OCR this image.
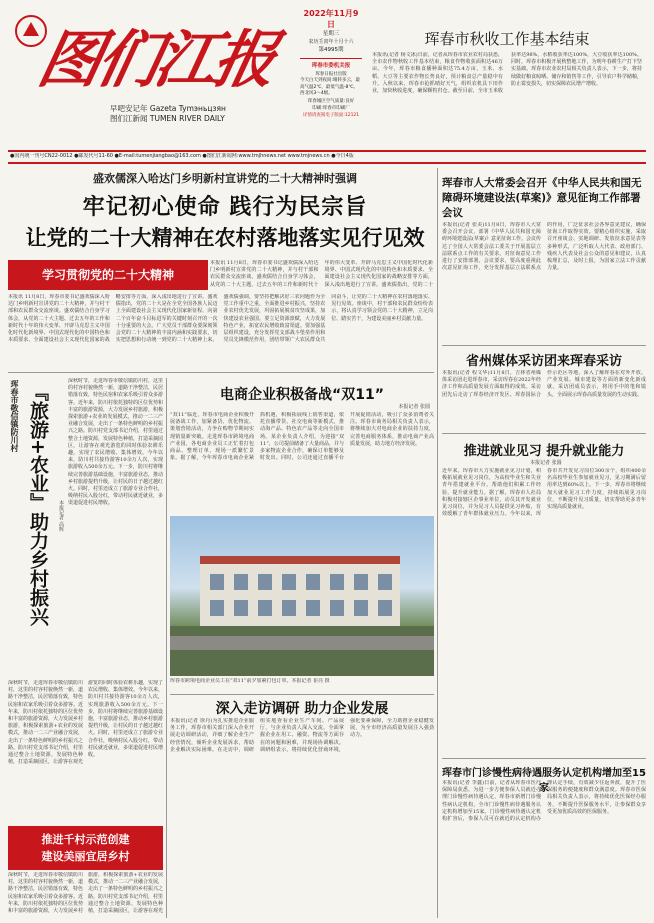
图们江报
早吧安记年 Gazeta Tymэньцзян
图们江新闻 TUMEN RIVER DAILY
2022年11月9日
星期三
农历壬寅年十月十六
第4995期
珲春市委机关报
珲春日报社出版
今天白天到夜间:晴转多云，最高气温2℃，最低气温-8℃。西北风3～4级。
珲春城区空气质量:良好
印刷:珲春市印刷厂
详情请查阅电子版面:12121
珲春市秋收工作基本结束
本报讯(记者 杨文冰)日前，记者从珲春市农业农村局获悉，全市农作物秋收工作基本结束，粮食作物收获面积达46万亩。今年，珲春市粮食播种面积达75.4万亩，玉米、水稻、大豆等主要农作物长势良好，预计粮食总产量稳中有升。入秋以来，珲春市抢抓晴好天气，组织农机具下田作业，加快秋收进度，确保颗粒归仓。截至目前，全市玉米收获率达98%，水稻收获率达100%，大豆收获率达100%。同时，珲春市积极开展秋整地工作，为明年春耕生产打下坚实基础。珲春市农业农村局相关负责人表示，下一步，将持续做好粮食晾晒、储存和销售等工作，引导农户科学储粮，防止霉变损失，切实保障农民增产增收。
●国内统一刊号CN22-0012 ●邮发代号11-60 ●E-mail:tumenjiangbao@163.com ●图们江新闻网:www.tmjhnews.net www.tmjnews.cn ●今日4版
盛欢儒深入哈达门乡明新村宣讲党的二十大精神时强调
牢记初心使命 践行为民宗旨
让党的二十大精神在农村落地落实见行见效
学习贯彻党的二十大精神
本报讯 11月8日，珲春市委书记盛欢儒深入哈达门乡明新村宣讲党的二十大精神，并与村干部和农民群众交流座谈。盛欢儒结合自身学习体会，从党的二十大主题、过去五年的工作和新时代十年的伟大变革、开辟马克思主义中国化时代化新境界、中国式现代化的中国特色和本质要求、全面建设社会主义现代化国家的战略安排等方面，深入浅出地进行了宣讲。盛欢儒指出，党的二十大是在全党全国各族人民迈上全面建设社会主义现代化国家新征程、向第二个百年奋斗目标进军的关键时刻召开的一次十分重要的大会。广大党员干部群众要深刻领会党的二十大精神的丰富内涵和实践要求，切实把思想和行动统一到党的二十大精神上来。盛欢儒强调，要坚持把解决好三农问题作为全党工作重中之重，全面推进乡村振兴，坚持农业农村优先发展，巩固拓展脱贫攻坚成果，加快建设农业强国。要立足资源禀赋，大力发展特色产业，拓宽农民增收致富渠道。要加强基层组织建设，充分发挥党支部战斗堡垒作用和党员先锋模范作用，团结带领广大农民群众共同奋斗，让党的二十大精神在农村落地落实、见行见效。座谈中，村干部和农民群众纷纷表示，将认真学习领会党的二十大精神，立足岗位、踏实苦干，为建设美丽乡村贡献力量。
本报讯 11月8日，珲春市委书记盛欢儒深入哈达门乡明新村宣讲党的二十大精神，并与村干部和农民群众交流座谈。盛欢儒结合自身学习体会，从党的二十大主题、过去五年的工作和新时代十年的伟大变革、开辟马克思主义中国化时代化新境界、中国式现代化的中国特色和本质要求、全面建设社会主义现代化国家的战略安排等方面，深入浅出地进行了宣讲。盛欢儒指出，党的二十
珲春市敬信镇防川村 『旅游+农业』助力乡村振兴	本报记者 高辉
深秋时节，走进珲春市敬信镇防川村，这里的村容村貌焕然一新，道路干净整洁，民居错落有致，特色民宿和农家乐吸引着众多游客。近年来，防川村依托独特的区位优势和丰富的旅游资源，大力发展乡村旅游，积极探索旅游+农业的发展模式，推动一二三产业融合发展，走出了一条特色鲜明的乡村振兴之路。防川村党支部书记介绍，村里通过整合土地资源，发展特色种植，打造采摘园区，让游客在观光游览的同时体验农耕乐趣，实现了农民增收、集体增效。今年以来，防川村共接待游客10余万人次，实现旅游收入500余万元。下一步，防川村将继续完善旅游基础设施，丰富旅游业态，推动乡村旅游提档升级，让村民的日子越过越红火。同时，村里还成立了旅游专业合作社，吸纳村民入股分红，带动村民就近就业，多渠道促进村民增收。
深秋时节，走进珲春市敬信镇防川村，这里的村容村貌焕然一新，道路干净整洁，民居错落有致，特色民宿和农家乐吸引着众多游客。近年来，防川村依托独特的区位优势和丰富的旅游资源，大力发展乡村旅游，积极探索旅游+农业的发展模式，推动一二三产业融合发展，走出了一条特色鲜明的乡村振兴之路。防川村党支部书记介绍，村里通过整合土地资源，发展特色种植，打造采摘园区，让游客在观光游览的同时体验农耕乐趣，实现了农民增收、集体增效。今年以来，防川村共接待游客10余万人次，实现旅游收入500余万元。下一步，防川村将继续完善旅游基础设施，丰富旅游业态，推动乡村旅游提档升级，让村民的日子越过越红火。同时，村里还成立了旅游专业合作社，吸纳村民入股分红，带动村民就近就业，多渠道促进村民增收。
推进千村示范创建
建设美丽宜居乡村
深秋时节，走进珲春市敬信镇防川村，这里的村容村貌焕然一新，道路干净整洁，民居错落有致，特色民宿和农家乐吸引着众多游客。近年来，防川村依托独特的区位优势和丰富的旅游资源，大力发展乡村旅游，积极探索旅游+农业的发展模式，推动一二三产业融合发展，走出了一条特色鲜明的乡村振兴之路。防川村党支部书记介绍，村里通过整合土地资源，发展特色种植，打造采摘园区，让游客在观光
电商企业积极备战“双11”
本报记者 张圆
“双11”临近，珲春市电商企业积极开展备战工作，加紧备货、优化物流、策划营销活动，力争在购物节期间实现销量新突破。走进珲春市跨境电商产业园，各电商企业员工正忙着打包商品、整理订单，现场一派繁忙景象。据了解，今年珲春市电商企业紧抓机遇，积极拓展线上销售渠道，依托直播带货、社交电商等新模式，推动海产品、特色农产品等走向全国市场。某企业负责人介绍，为迎接“双11”，公司提前储备了大量商品，并与多家物流企业合作，确保订单能够及时发出。同时，公司还通过直播平台开展促销活动，吸引了众多消费者关注。珲春市商务局相关负责人表示，将继续加大对电商企业的扶持力度，完善电商服务体系，推动电商产业高质量发展，助力地方经济发展。
珲春市跨境电商企业员工在“双11”前夕加紧打包订单。本报记者 崔亮 摄
深入走访调研 助力企业发展
本报讯(记者 徐丹)为扎实推进企业服务工作，珲春市相关部门深入企业开展走访调研活动，详细了解企业生产经营情况，倾听企业发展诉求，帮助企业解决实际困难。在走访中，调研组实地查看企业生产车间、产品展厅，与企业负责人深入交流，全面掌握企业在用工、融资、物流等方面存在的问题和困难，并现场协调解决。调研组表示，将持续优化营商环境，强化要素保障，全力助推企业稳健发展，为全市经济高质量发展注入强劲动力。
珲春市人大常委会召开《中华人民共和国无障碍环境建设法(草案)》意见征询工作部署会议
本报讯(记者 张美)11月8日，珲春市人大常委会召开会议，部署《中华人民共和国无障碍环境建设法(草案)》意见征询工作。会议传达了全国人大常委会法工委关于开展基层立法联系点工作的有关要求，对征询意见工作进行了安排部署。会议要求，要高度重视此次意见征询工作，充分发挥基层立法联系点的作用，广泛征求社会各界意见建议，确保征询工作取得实效。要精心组织实施，采取召开座谈会、实地调研、发放征求意见表等多种形式，广泛听取人大代表、政府部门、残疾人代表及社会公众的意见和建议，认真梳理汇总，及时上报，为国家立法工作贡献力量。
省州媒体采访团来珲春采访
本报讯(记者 程文华)11月8日，吉林省州媒体采访团走进珲春市，采访珲春在2022年经济工作和高质量发展方面取得的成效。采访团先后走访了珲春经济开发区、珲春国际合作示范区等地，深入了解珲春在对外开放、产业发展、城市建设等方面的新变化新成就。采访团成员表示，将用手中的笔和镜头，全面展示珲春高质量发展的生动实践。
推进就业见习 提升就业能力
本报记者 张圆
近年来，珲春市大力实施就业见习计划，积极拓展就业见习岗位，为高校毕业生和失业青年搭建就业平台，帮助他们积累工作经验，提升就业能力。据了解，珲春市人社局积极对接辖区企事业单位，动员其开发就业见习岗位，并为见习人员提供见习补贴，有效缓解了青年群体就业压力。今年以来，珲春市共开发见习岗位300余个，组织400余名高校毕业生参加就业见习，见习期满后留用率达到60%以上。下一步，珲春市将继续加大就业见习工作力度，持续拓展见习岗位，不断提升见习质量，切实帮助更多青年实现高质量就业。
珲春市门诊慢性病待遇服务认定机构增加至15家
本报讯(记者 李鑫)日前，记者从珲春市医疗保障局获悉，为进一步方便参保人员就近办理门诊慢性病待遇认定，珲春市新增门诊慢性病认定机构，全市门诊慢性病待遇服务认定机构增加至15家。门诊慢性病待遇认定机构扩容后，参保人员可在就近的认定机构办理认定手续，有效减少往返奔波，提升了医保服务的便捷度和群众满意度。珲春市医保局相关负责人表示，将持续优化医保经办服务，不断提升医保服务水平，让参保群众享受更加优质高效的医保服务。
